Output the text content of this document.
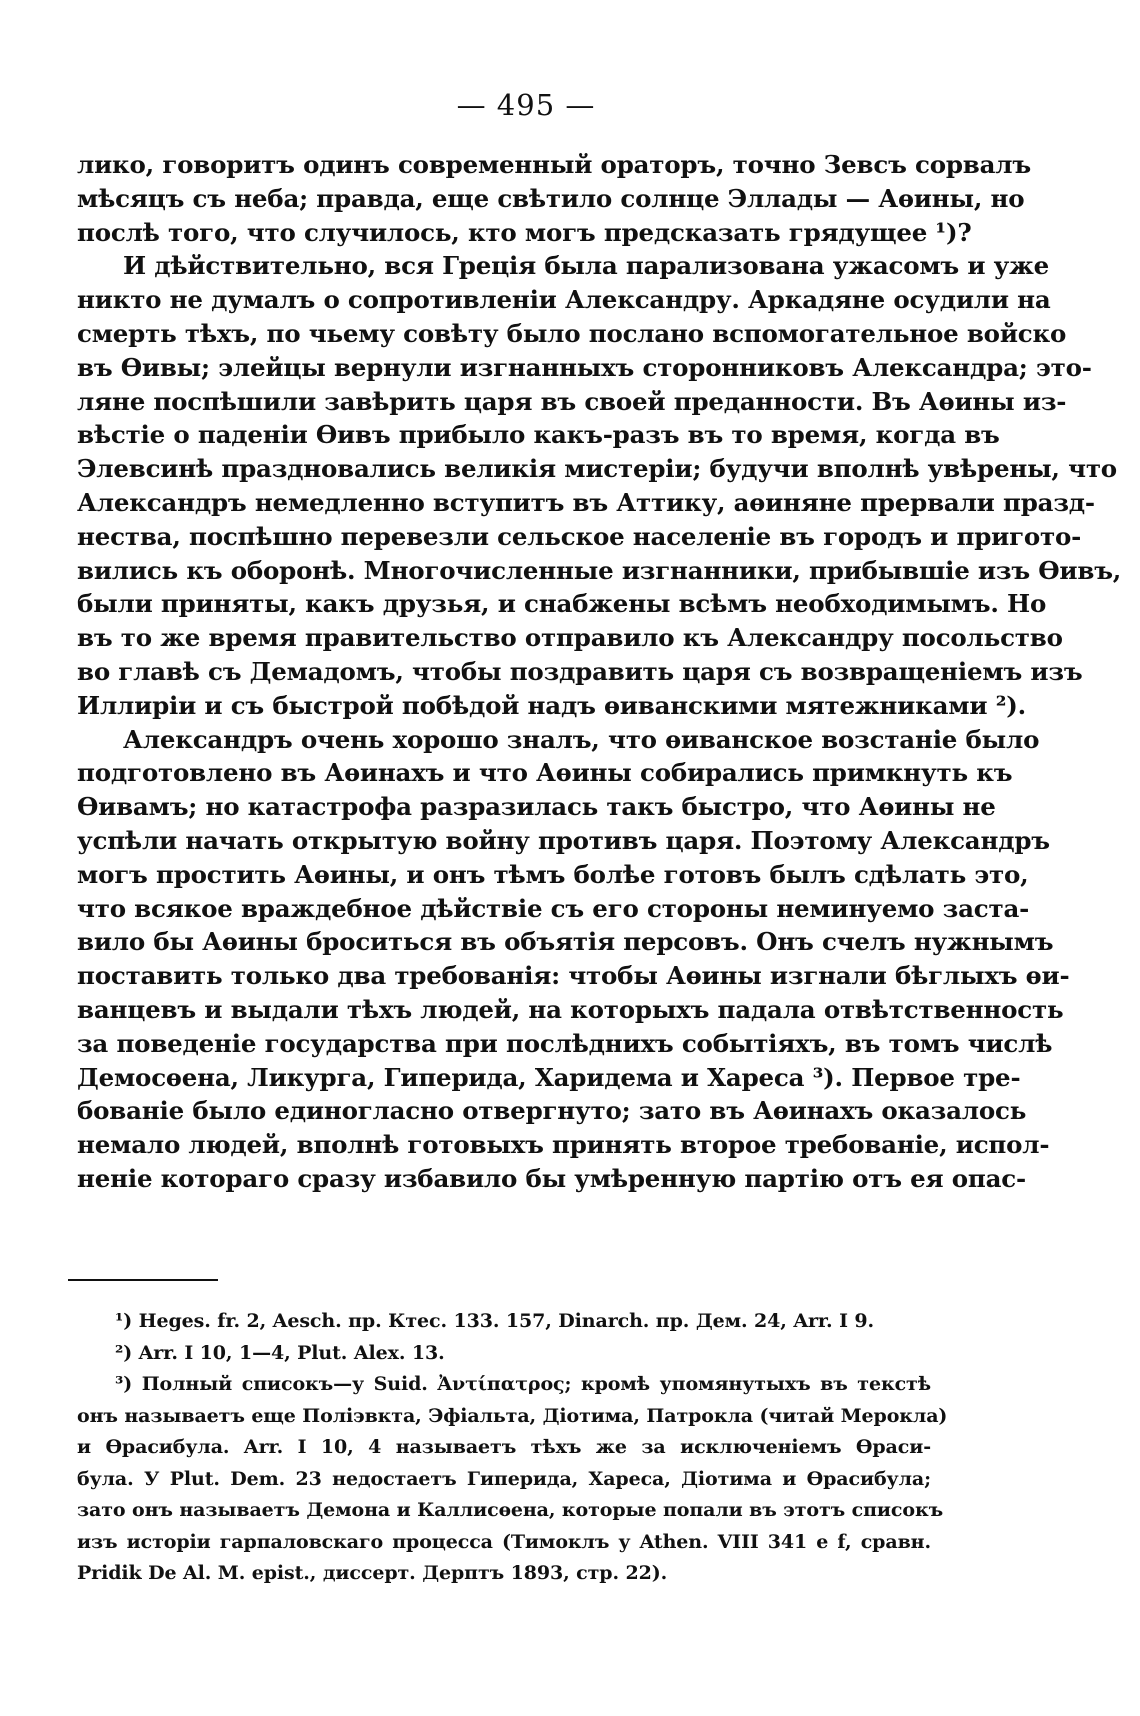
— 495 —
лико, говоритъ одинъ современный ораторъ, точно Зевсъ сорвалъ
мѣсяцъ съ неба; правда, еще свѣтило солнце Эллады — Аѳины, но
послѣ того, что случилось, кто могъ предсказать грядущее ¹)?
И дѣйствительно, вся Греція была парализована ужасомъ и уже
никто не думалъ о сопротивленіи Александру. Аркадяне осудили на
смерть тѣхъ, по чьему совѣту было послано вспомогательное войско
въ Ѳивы; элейцы вернули изгнанныхъ сторонниковъ Александра; это-
ляне поспѣшили завѣрить царя въ своей преданности. Въ Аѳины из-
вѣстіе о паденіи Ѳивъ прибыло какъ-разъ въ то время, когда въ
Элевсинѣ праздновались великія мистеріи; будучи вполнѣ увѣрены, что
Александръ немедленно вступитъ въ Аттику, аѳиняне прервали празд-
нества, поспѣшно перевезли сельское населеніе въ городъ и пригото-
вились къ оборонѣ. Многочисленные изгнанники, прибывшіе изъ Ѳивъ,
были приняты, какъ друзья, и снабжены всѣмъ необходимымъ. Но
въ то же время правительство отправило къ Александру посольство
во главѣ съ Демадомъ, чтобы поздравить царя съ возвращеніемъ изъ
Иллиріи и съ быстрой побѣдой надъ ѳиванскими мятежниками ²).
Александръ очень хорошо зналъ, что ѳиванское возстаніе было
подготовлено въ Аѳинахъ и что Аѳины собирались примкнуть къ
Ѳивамъ; но катастрофа разразилась такъ быстро, что Аѳины не
успѣли начать открытую войну противъ царя. Поэтому Александръ
могъ простить Аѳины, и онъ тѣмъ болѣе готовъ былъ сдѣлать это,
что всякое враждебное дѣйствіе съ его стороны неминуемо заста-
вило бы Аѳины броситься въ объятія персовъ. Онъ счелъ нужнымъ
поставить только два требованія: чтобы Аѳины изгнали бѣглыхъ ѳи-
ванцевъ и выдали тѣхъ людей, на которыхъ падала отвѣтственность
за поведеніе государства при послѣднихъ событіяхъ, въ томъ числѣ
Демосѳена, Ликурга, Гиперида, Харидема и Хареса ³). Первое тре-
бованіе было единогласно отвергнуто; зато въ Аѳинахъ оказалось
немало людей, вполнѣ готовыхъ принять второе требованіе, испол-
неніе котораго сразу избавило бы умѣренную партію отъ ея опас-
¹) Heges. fr. 2, Aesch. пр. Ктес. 133. 157, Dinarch. пр. Дем. 24, Arr. I 9.
²) Arr. I 10, 1—4, Plut. Alex. 13.
³) Полный списокъ—у Suid. Ἀντίπατρος; кромѣ упомянутыхъ въ текстѣ
онъ называетъ еще Поліэвкта, Эфіальта, Діотима, Патрокла (читай Мерокла)
и Ѳрасибула. Arr. I 10, 4 называетъ тѣхъ же за исключеніемъ Ѳраси-
була. У Plut. Dem. 23 недостаетъ Гиперида, Хареса, Діотима и Ѳрасибула;
зато онъ называетъ Демона и Каллисѳена, которые попали въ этотъ списокъ
изъ исторіи гарпаловскаго процесса (Тимоклъ у Athen. VIII 341 e f, сравн.
Pridik De Al. M. epist., диссерт. Дерптъ 1893, стр. 22).
